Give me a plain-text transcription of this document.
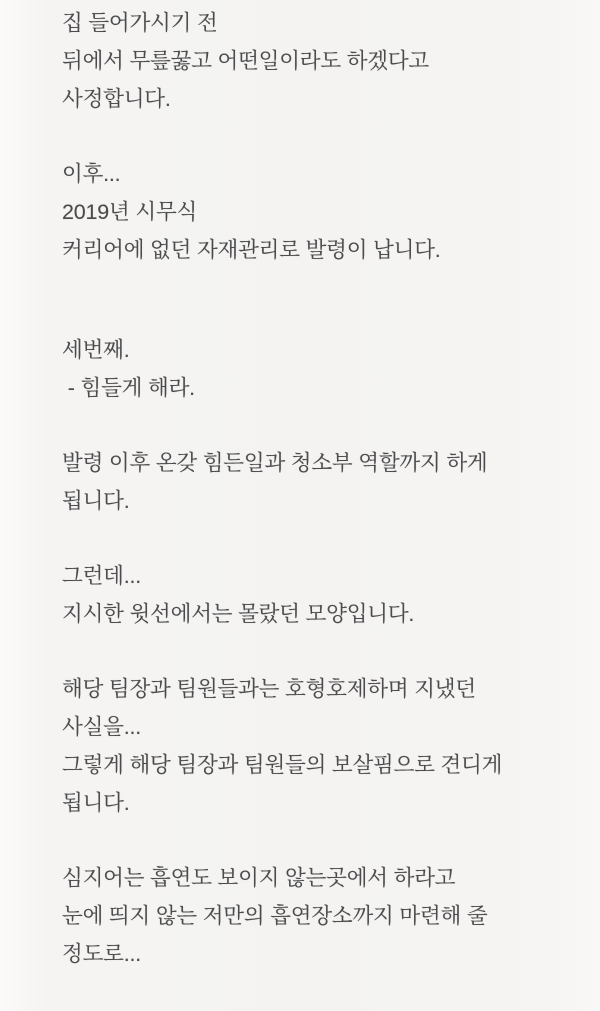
집 들어가시기 전
뒤에서 무릎꿇고 어떤일이라도 하겠다고
사정합니다.
이후...
2019년 시무식
커리어에 없던 자재관리로 발령이 납니다.
세번째.
- 힘들게 해라.
발령 이후 온갖 힘든일과 청소부 역할까지 하게
됩니다.
그런데...
지시한 윗선에서는 몰랐던 모양입니다.
해당 팀장과 팀원들과는 호형호제하며 지냈던
사실을...
그렇게 해당 팀장과 팀원들의 보살핌으로 견디게
됩니다.
심지어는 흡연도 보이지 않는곳에서 하라고
눈에 띄지 않는 저만의 흡연장소까지 마련해 줄
정도로...
